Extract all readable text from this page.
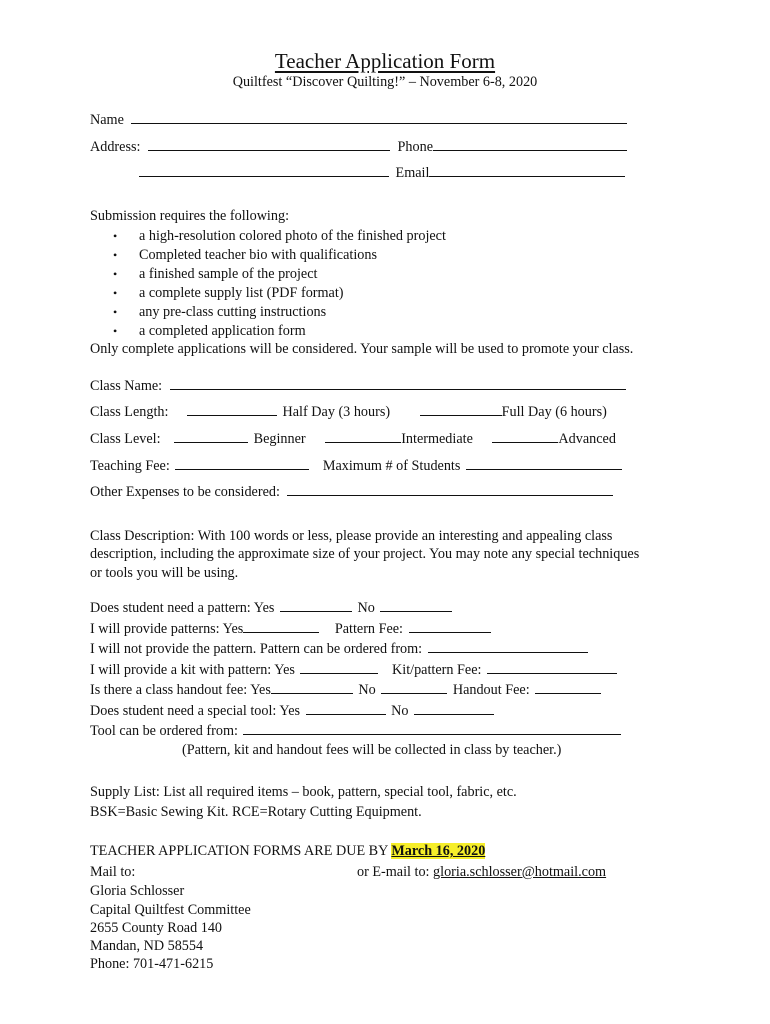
Teacher Application Form
Quiltfest “Discover Quilting!” – November 6-8, 2020
Name
Address:	Phone
Email
Submission requires the following:
• a high-resolution colored photo of the finished project
• Completed teacher bio with qualifications
• a finished sample of the project
• a complete supply list (PDF format)
• any pre-class cutting instructions
• a completed application form
Only complete applications will be considered. Your sample will be used to promote your class.
Class Name:
Class Length:	Half Day (3 hours)	Full Day (6 hours)
Class Level:	Beginner	Intermediate	Advanced
Teaching Fee:	Maximum # of Students
Other Expenses to be considered:
Class Description: With 100 words or less, please provide an interesting and appealing class
description, including the approximate size of your project. You may note any special techniques
or tools you will be using.
Does student need a pattern: Yes	No
I will provide patterns: Yes	Pattern Fee:
I will not provide the pattern. Pattern can be ordered from:
I will provide a kit with pattern: Yes	Kit/pattern Fee:
Is there a class handout fee: Yes	No	Handout Fee:
Does student need a special tool: Yes	No
Tool can be ordered from:
(Pattern, kit and handout fees will be collected in class by teacher.)
Supply List: List all required items – book, pattern, special tool, fabric, etc.
BSK=Basic Sewing Kit. RCE=Rotary Cutting Equipment.
TEACHER APPLICATION FORMS ARE DUE BY March 16, 2020
Mail to:	or E-mail to: gloria.schlosser@hotmail.com
Gloria Schlosser
Capital Quiltfest Committee
2655 County Road 140
Mandan, ND 58554
Phone: 701-471-6215
